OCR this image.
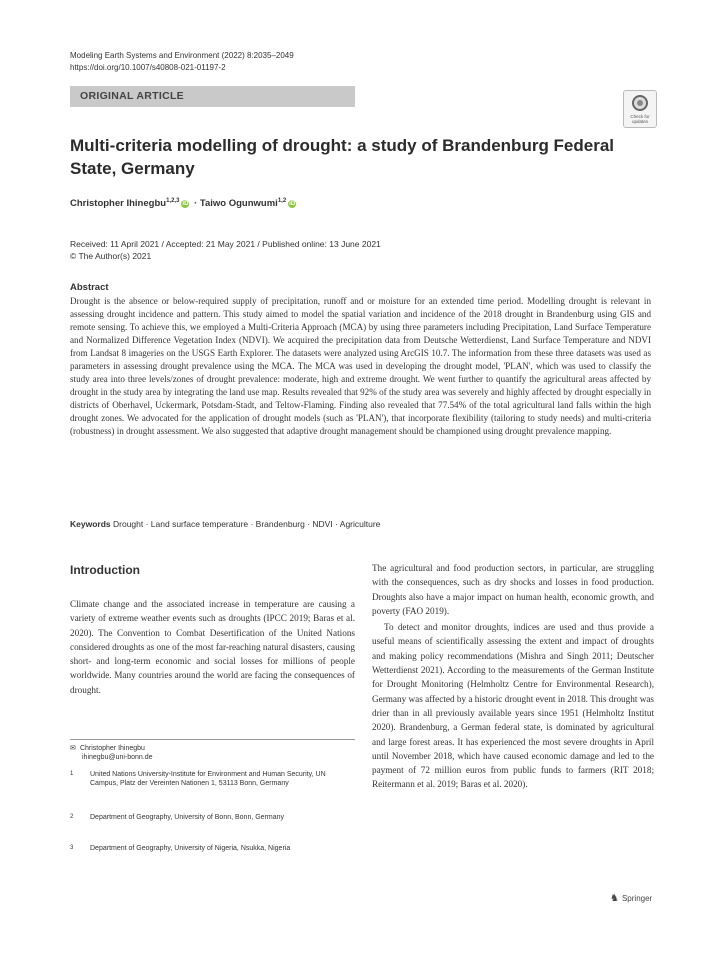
Modeling Earth Systems and Environment (2022) 8:2035–2049
https://doi.org/10.1007/s40808-021-01197-2
ORIGINAL ARTICLE
Check for updates
Multi-criteria modelling of drought: a study of Brandenburg Federal State, Germany
Christopher Ihinegbu$^{1,2,3}$ iD · Taiwo Ogunwumi$^{1,2}$ iD
Received: 11 April 2021 / Accepted: 21 May 2021 / Published online: 13 June 2021
© The Author(s) 2021
Abstract
Drought is the absence or below-required supply of precipitation, runoff and or moisture for an extended time period. Modelling drought is relevant in assessing drought incidence and pattern. This study aimed to model the spatial variation and incidence of the 2018 drought in Brandenburg using GIS and remote sensing. To achieve this, we employed a Multi-Criteria Approach (MCA) by using three parameters including Precipitation, Land Surface Temperature and Normalized Difference Vegetation Index (NDVI). We acquired the precipitation data from Deutsche Wetterdienst, Land Surface Temperature and NDVI from Landsat 8 imageries on the USGS Earth Explorer. The datasets were analyzed using ArcGIS 10.7. The information from these three datasets was used as parameters in assessing drought prevalence using the MCA. The MCA was used in developing the drought model, 'PLAN', which was used to classify the study area into three levels/zones of drought prevalence: moderate, high and extreme drought. We went further to quantify the agricultural areas affected by drought in the study area by integrating the land use map. Results revealed that 92% of the study area was severely and highly affected by drought especially in districts of Oberhavel, Uckermark, Potsdam-Stadt, and Teltow-Flaming. Finding also revealed that 77.54% of the total agricultural land falls within the high drought zones. We advocated for the application of drought models (such as 'PLAN'), that incorporate flexibility (tailoring to study needs) and multi-criteria (robustness) in drought assessment. We also suggested that adaptive drought management should be championed using drought prevalence mapping.
Keywords Drought · Land surface temperature · Brandenburg · NDVI · Agriculture
Introduction

Climate change and the associated increase in temperature are causing a variety of extreme weather events such as droughts (IPCC 2019; Baras et al. 2020). The Convention to Combat Desertification of the United Nations considered droughts as one of the most far-reaching natural disasters, causing short- and long-term economic and social losses for millions of people worldwide. Many countries around the world are facing the consequences of drought.

The agricultural and food production sectors, in particular, are struggling with the consequences, such as dry shocks and losses in food production. Droughts also have a major impact on human health, economic growth, and poverty (FAO 2019).

To detect and monitor droughts, indices are used and thus provide a useful means of scientifically assessing the extent and impact of droughts and making policy recommendations (Mishra and Singh 2011; Deutscher Wetterdienst 2021). According to the measurements of the German Institute for Drought Monitoring (Helmholtz Centre for Environmental Research), Germany was affected by a historic drought event in 2018. This drought was drier than in all previously available years since 1951 (Helmholtz Institut 2020). Brandenburg, a German federal state, is dominated by agricultural and large forest areas. It has experienced the most severe droughts in April until November 2018, which have caused economic damage and led to the payment of 72 million euros from public funds to farmers (RIT 2018; Reitermann et al. 2019; Baras et al. 2020).

✉ Christopher Ihinegbu
ihinegbu@uni-bonn.de
1 United Nations University-Institute for Environment and Human Security, UN Campus, Platz der Vereinten Nationen 1, 53113 Bonn, Germany
2 Department of Geography, University of Bonn, Bonn, Germany
3 Department of Geography, University of Nigeria, Nsukka, Nigeria
♞ Springer
